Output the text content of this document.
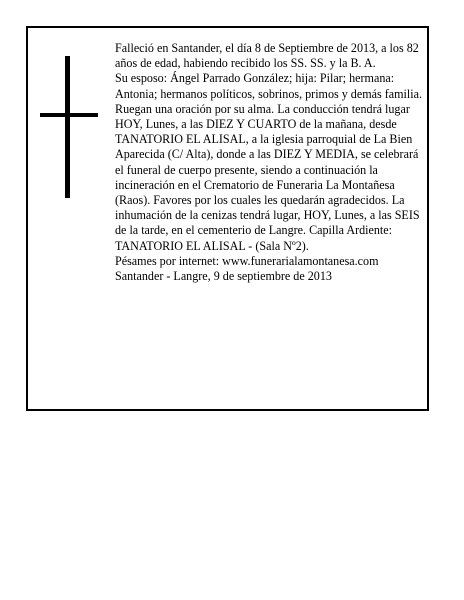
Falleció en Santander, el día 8 de Septiembre de 2013, a los 82 años de edad, habiendo recibido los SS. SS. y la B. A.

Su esposo: Ángel Parrado González; hija: Pilar; hermana: Antonia; hermanos políticos, sobrinos, primos y demás familia.

Ruegan una oración por su alma. La conducción tendrá lugar HOY, Lunes, a las DIEZ Y CUARTO de la mañana, desde TANATORIO EL ALISAL, a la iglesia parroquial de La Bien Aparecida (C/ Alta), donde a las DIEZ Y MEDIA, se celebrará el funeral de cuerpo presente, siendo a continuación la incineración en el Crematorio de Funeraria La Montañesa (Raos). Favores por los cuales les quedarán agradecidos. La inhumación de la cenizas tendrá lugar, HOY, Lunes, a las SEIS de la tarde, en el cementerio de Langre. Capilla Ardiente: TANATORIO EL ALISAL - (Sala Nº2).

Pésames por internet: www.funerarialamontanesa.com

Santander - Langre, 9 de septiembre de 2013
